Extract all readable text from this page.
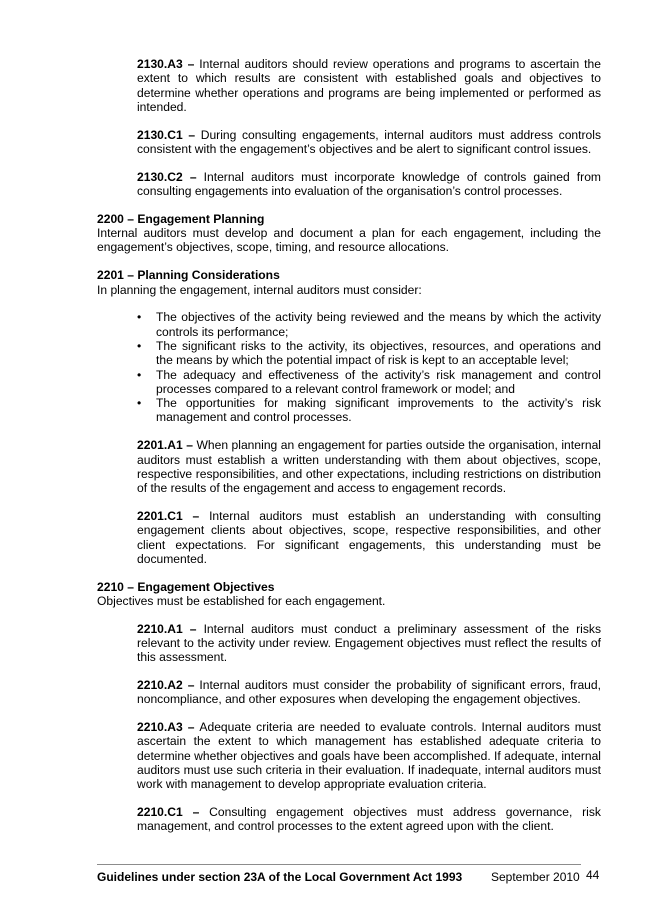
2130.A3 – Internal auditors should review operations and programs to ascertain the extent to which results are consistent with established goals and objectives to determine whether operations and programs are being implemented or performed as intended.

2130.C1 – During consulting engagements, internal auditors must address controls consistent with the engagement’s objectives and be alert to significant control issues.

2130.C2 – Internal auditors must incorporate knowledge of controls gained from consulting engagements into evaluation of the organisation’s control processes.

2200 – Engagement Planning

Internal auditors must develop and document a plan for each engagement, including the engagement’s objectives, scope, timing, and resource allocations.

2201 – Planning Considerations

In planning the engagement, internal auditors must consider:

• The objectives of the activity being reviewed and the means by which the activity controls its performance;
• The significant risks to the activity, its objectives, resources, and operations and the means by which the potential impact of risk is kept to an acceptable level;
• The adequacy and effectiveness of the activity’s risk management and control processes compared to a relevant control framework or model; and
• The opportunities for making significant improvements to the activity’s risk management and control processes.

2201.A1 – When planning an engagement for parties outside the organisation, internal auditors must establish a written understanding with them about objectives, scope, respective responsibilities, and other expectations, including restrictions on distribution of the results of the engagement and access to engagement records.

2201.C1 – Internal auditors must establish an understanding with consulting engagement clients about objectives, scope, respective responsibilities, and other client expectations. For significant engagements, this understanding must be documented.

2210 – Engagement Objectives

Objectives must be established for each engagement.

2210.A1 – Internal auditors must conduct a preliminary assessment of the risks relevant to the activity under review. Engagement objectives must reflect the results of this assessment.

2210.A2 – Internal auditors must consider the probability of significant errors, fraud, noncompliance, and other exposures when developing the engagement objectives.

2210.A3 – Adequate criteria are needed to evaluate controls. Internal auditors must ascertain the extent to which management has established adequate criteria to determine whether objectives and goals have been accomplished. If adequate, internal auditors must use such criteria in their evaluation. If inadequate, internal auditors must work with management to develop appropriate evaluation criteria.

2210.C1 – Consulting engagement objectives must address governance, risk management, and control processes to the extent agreed upon with the client.

Guidelines under section 23A of the Local Government Act 1993 September 2010 44
